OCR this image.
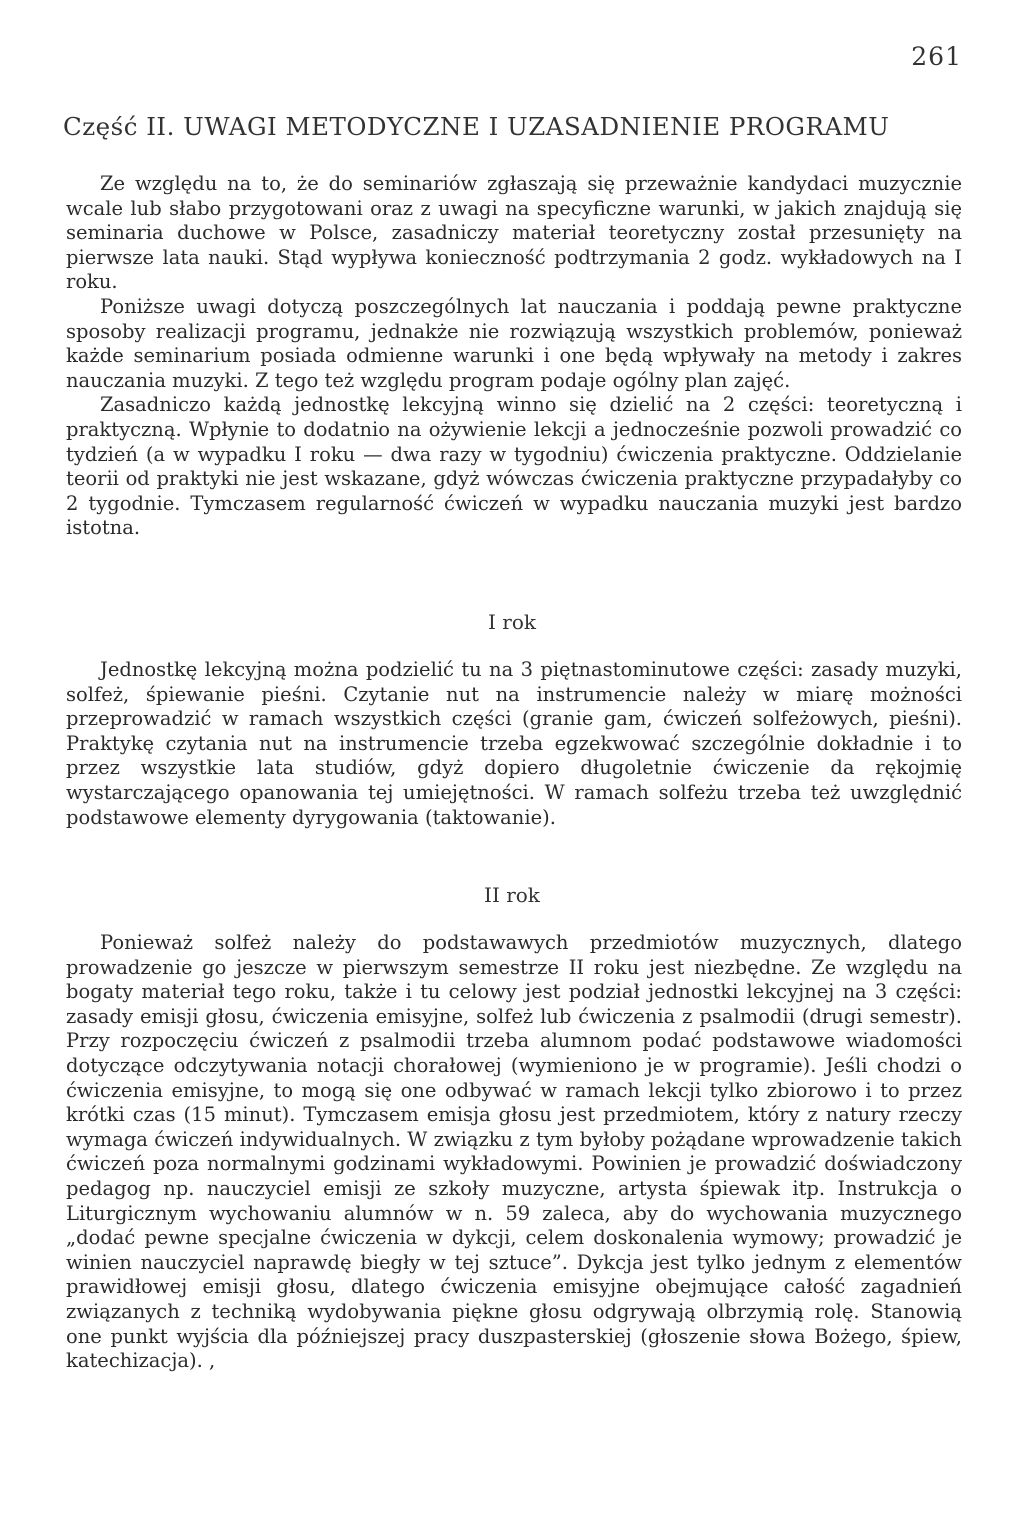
261
Część II. UWAGI METODYCZNE I UZASADNIENIE PROGRAMU

Ze względu na to, że do seminariów zgłaszają się przeważnie kandydaci muzycznie wcale lub słabo przygotowani oraz z uwagi na specyficzne warunki, w jakich znajdują się seminaria duchowe w Polsce, zasadniczy materiał teoretyczny został przesunięty na pierwsze lata nauki. Stąd wypływa konieczność podtrzymania 2 godz. wykładowych na I roku.

Poniższe uwagi dotyczą poszczególnych lat nauczania i poddają pewne praktyczne sposoby realizacji programu, jednakże nie rozwiązują wszystkich problemów, ponieważ każde seminarium posiada odmienne warunki i one będą wpływały na metody i zakres nauczania muzyki. Z tego też względu program podaje ogólny plan zajęć.

Zasadniczo każdą jednostkę lekcyjną winno się dzielić na 2 części: teoretyczną i praktyczną. Wpłynie to dodatnio na ożywienie lekcji a jednocześnie pozwoli prowadzić co tydzień (a w wypadku I roku — dwa razy w tygodniu) ćwiczenia praktyczne. Oddzielanie teorii od praktyki nie jest wskazane, gdyż wówczas ćwiczenia praktyczne przypadałyby co 2 tygodnie. Tymczasem regularność ćwiczeń w wypadku nauczania muzyki jest bardzo istotna.

I rok

Jednostkę lekcyjną można podzielić tu na 3 piętnastominutowe części: zasady muzyki, solfeż, śpiewanie pieśni. Czytanie nut na instrumencie należy w miarę możności przeprowadzić w ramach wszystkich części (granie gam, ćwiczeń solfeżowych, pieśni). Praktykę czytania nut na instrumencie trzeba egzekwować szczególnie dokładnie i to przez wszystkie lata studiów, gdyż dopiero długoletnie ćwiczenie da rękojmię wystarczającego opanowania tej umiejętności. W ramach solfeżu trzeba też uwzględnić podstawowe elementy dyrygowania (taktowanie).

II rok

Ponieważ solfeż należy do podstawawych przedmiotów muzycznych, dlatego prowadzenie go jeszcze w pierwszym semestrze II roku jest niezbędne. Ze względu na bogaty materiał tego roku, także i tu celowy jest podział jednostki lekcyjnej na 3 części: zasady emisji głosu, ćwiczenia emisyjne, solfeż lub ćwiczenia z psalmodii (drugi semestr). Przy rozpoczęciu ćwiczeń z psalmodii trzeba alumnom podać podstawowe wiadomości dotyczące odczytywania notacji chorałowej (wymieniono je w programie). Jeśli chodzi o ćwiczenia emisyjne, to mogą się one odbywać w ramach lekcji tylko zbiorowo i to przez krótki czas (15 minut). Tymczasem emisja głosu jest przedmiotem, który z natury rzeczy wymaga ćwiczeń indywidualnych. W związku z tym byłoby pożądane wprowadzenie takich ćwiczeń poza normalnymi godzinami wykładowymi. Powinien je prowadzić doświadczony pedagog np. nauczyciel emisji ze szkoły muzyczne, artysta śpiewak itp. Instrukcja o Liturgicznym wychowaniu alumnów w n. 59 zaleca, aby do wychowania muzycznego „dodać pewne specjalne ćwiczenia w dykcji, celem doskonalenia wymowy; prowadzić je winien nauczyciel naprawdę biegły w tej sztuce”. Dykcja jest tylko jednym z elementów prawidłowej emisji głosu, dlatego ćwiczenia emisyjne obejmujące całość zagadnień związanych z techniką wydobywania piękne głosu odgrywają olbrzymią rolę. Stanowią one punkt wyjścia dla późniejszej pracy duszpasterskiej (głoszenie słowa Bożego, śpiew, katechizacja). ,
